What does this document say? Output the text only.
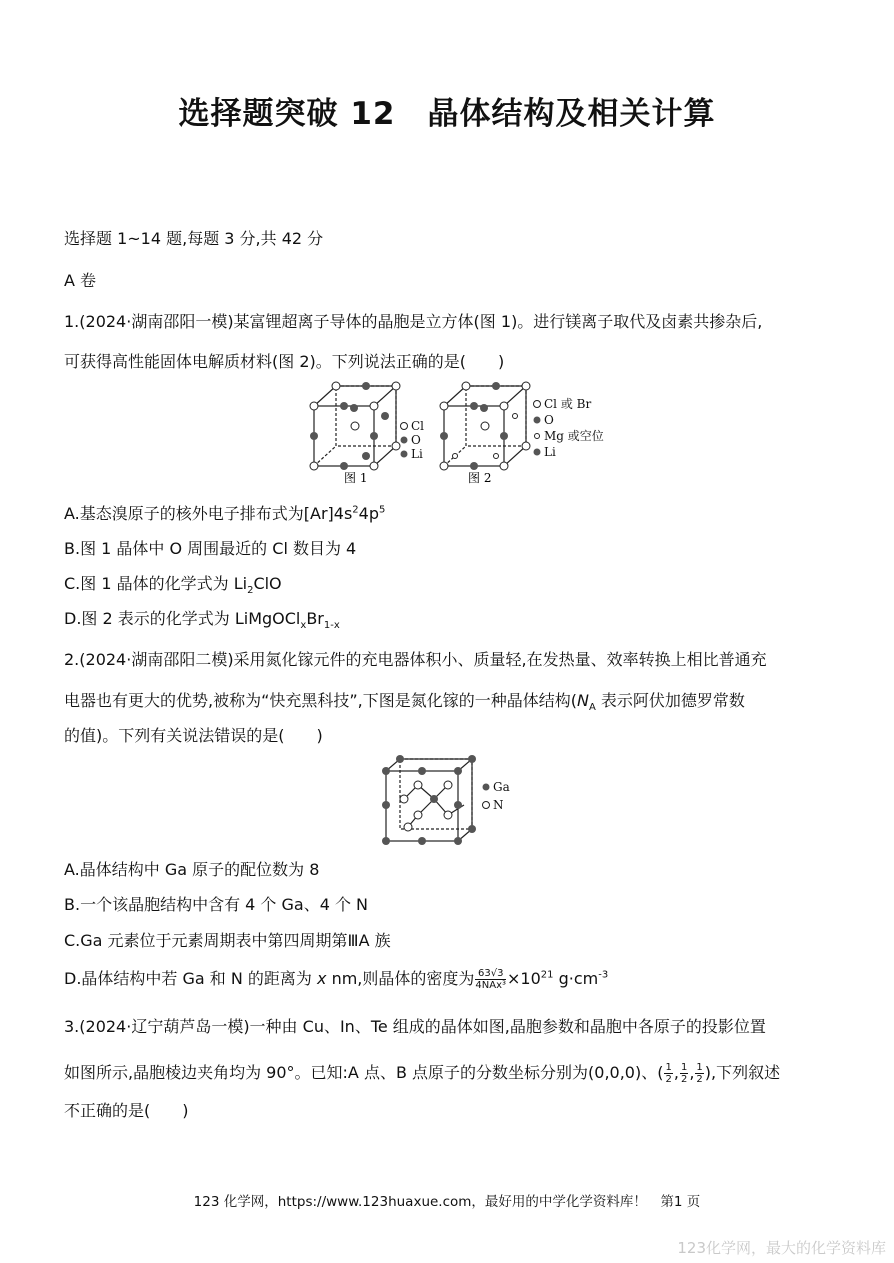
选择题突破 12　晶体结构及相关计算
选择题 1~14 题,每题 3 分,共 42 分
A 卷
1.(2024·湖南邵阳一模)某富锂超离子导体的晶胞是立方体(图 1)。进行镁离子取代及卤素共掺杂后,
可获得高性能固体电解质材料(图 2)。下列说法正确的是(　　)
Cl
O
Li
图 1
Cl 或 Br
O
Mg 或空位
Li
图 2
A.基态溴原子的核外电子排布式为$[Ar]4s^24p^5$
B.图 1 晶体中 O 周围最近的 Cl 数目为 4
C.图 1 晶体的化学式为 $Li_2ClO$
D.图 2 表示的化学式为 $LiMgOCl_xBr_{1-x}$
2.(2024·湖南邵阳二模)采用氮化镓元件的充电器体积小、质量轻,在发热量、效率转换上相比普通充
电器也有更大的优势,被称为“快充黑科技”,下图是氮化镓的一种晶体结构($N_A$ 表示阿伏加德罗常数
的值)。下列有关说法错误的是(　　)
Ga
N
A.晶体结构中 Ga 原子的配位数为 8
B.一个该晶胞结构中含有 4 个 Ga、4 个 N
C.Ga 元素位于元素周期表中第四周期第ⅢA 族
D.晶体结构中若 Ga 和 N 的距离为 x nm,则晶体的密度为 $\frac{63√3}{\text{4NAx³}} \times 10^{21}$ $g\cdot cm^{-3}$
3.(2024·辽宁葫芦岛一模)一种由 Cu、In、Te 组成的晶体如图,晶胞参数和晶胞中各原子的投影位置
如图所示,晶胞棱边夹角均为 90°。已知:A 点、B 点原子的分数坐标分别为(0,0,0)、( $\frac{1}{2}$ , $\frac{1}{2}$ , $\frac{1}{2}$ ),下列叙述
不正确的是(　　)
123 化学网，https://www.123huaxue.com，最好用的中学化学资料库！　第1 页
123化学网，最大的化学资料库
